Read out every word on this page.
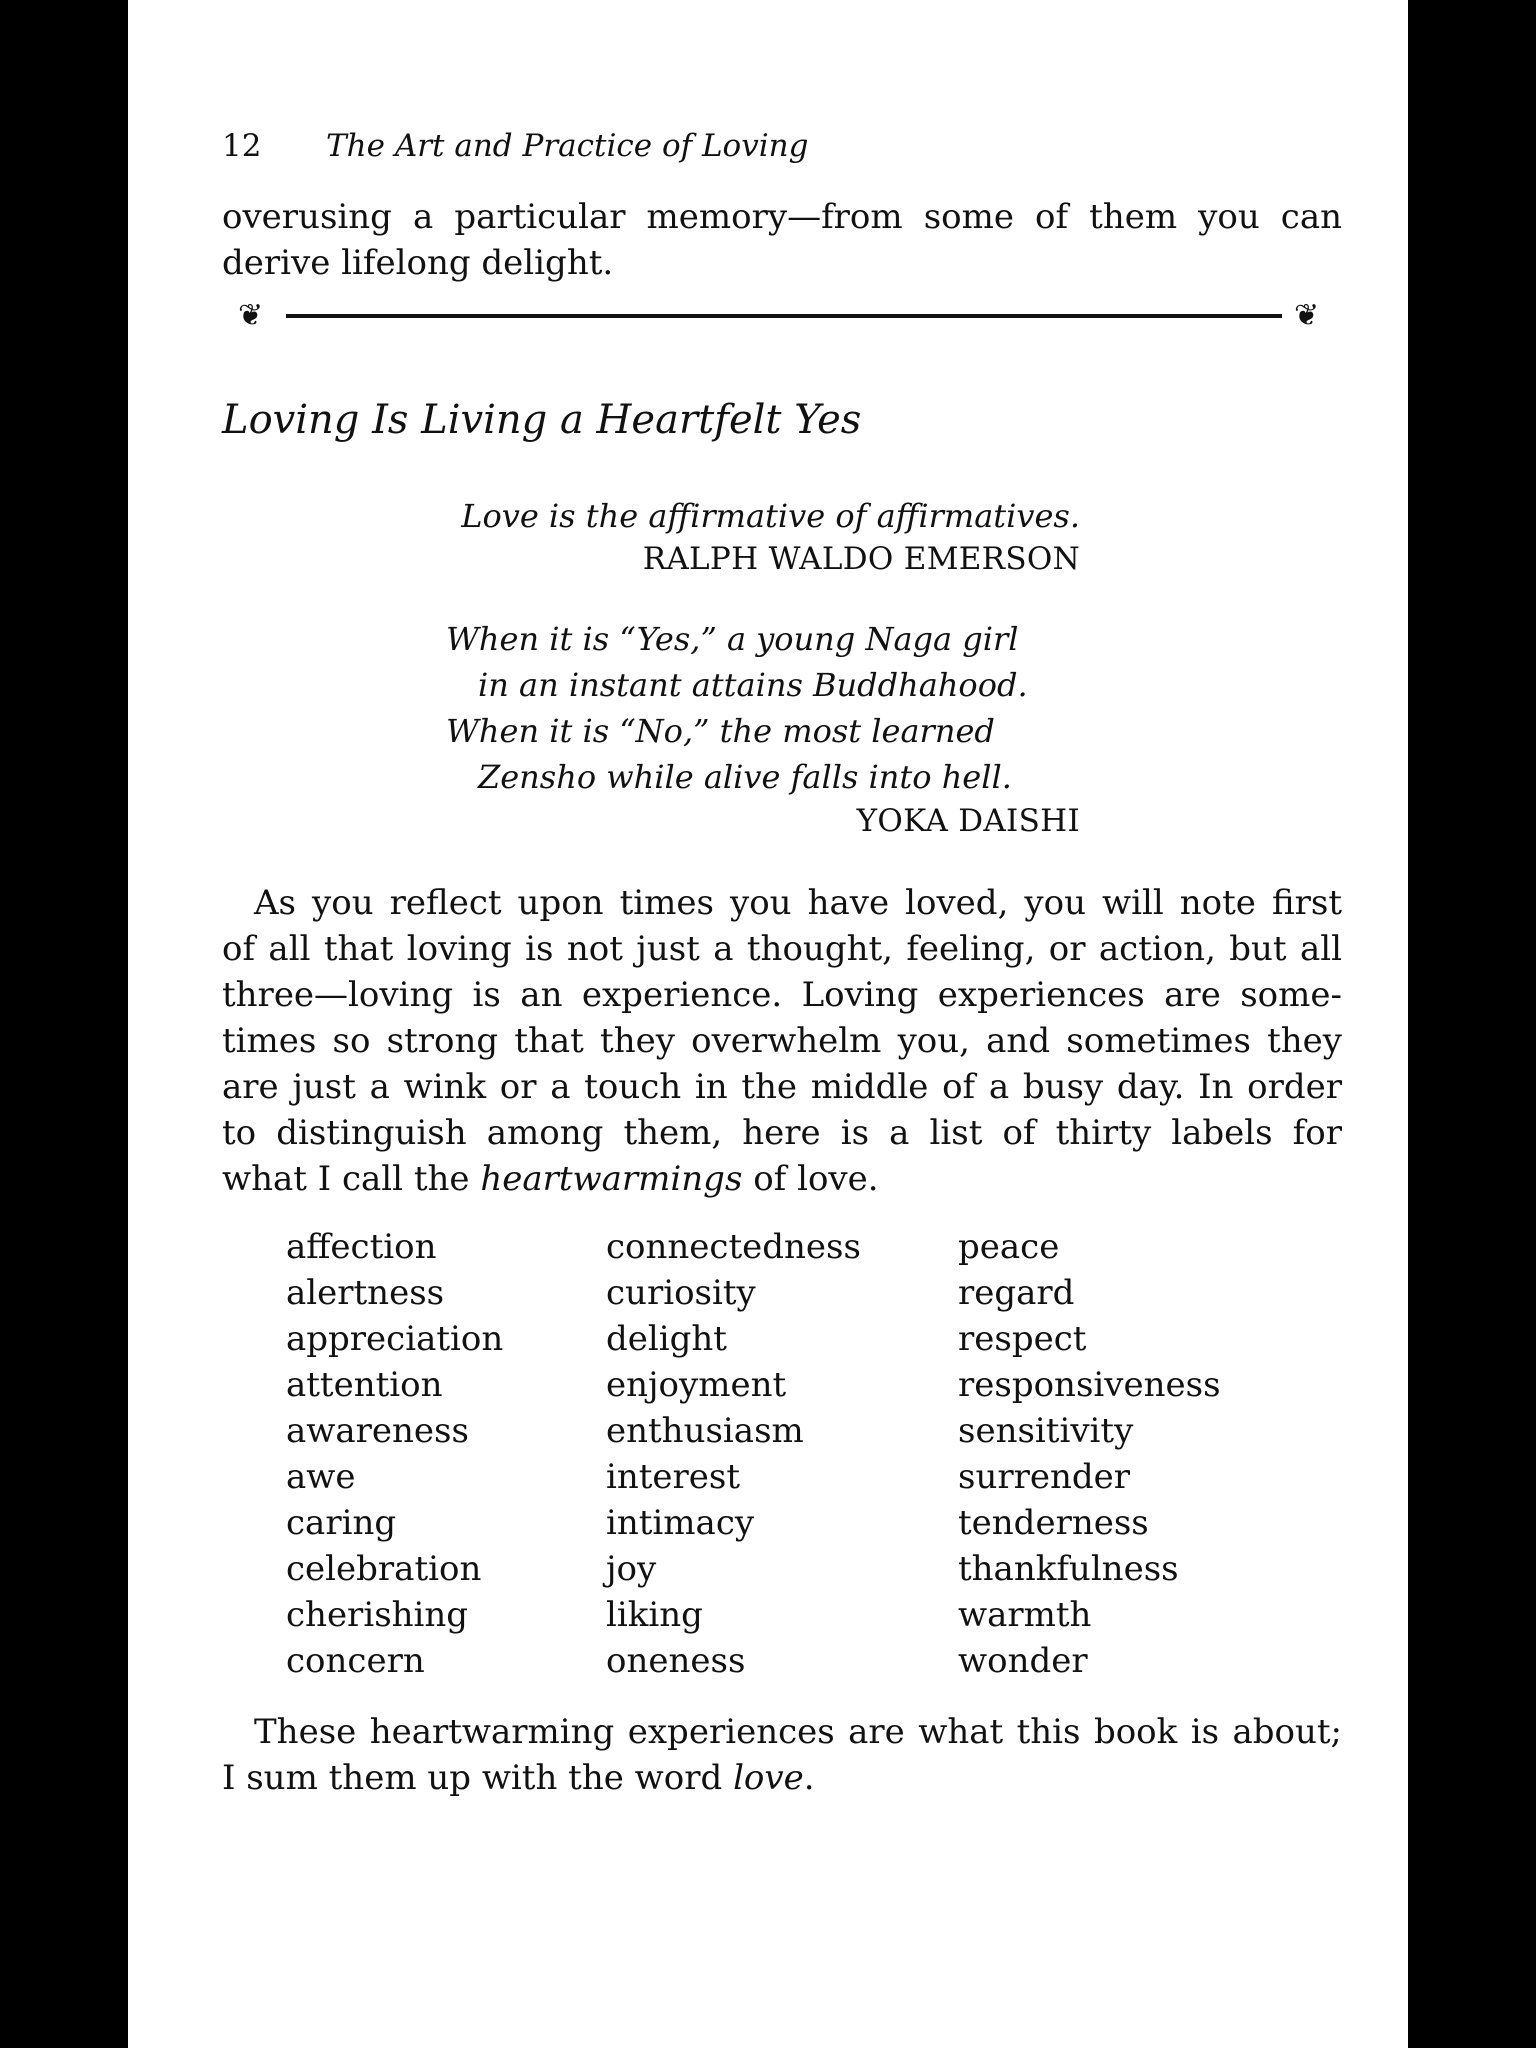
12 The Art and Practice of Loving
overusing a particular memory—from some of them you can
derive lifelong delight.
❦	❦
Loving Is Living a Heartfelt Yes
Love is the affirmative of affirmatives.
RALPH WALDO EMERSON
When it is “Yes,” a young Naga girl
in an instant attains Buddhahood.
When it is “No,” the most learned
Zensho while alive falls into hell.
YOKA DAISHI
As you reflect upon times you have loved, you will note first
of all that loving is not just a thought, feeling, or action, but all
three—loving is an experience. Loving experiences are some-
times so strong that they overwhelm you, and sometimes they
are just a wink or a touch in the middle of a busy day. In order
to distinguish among them, here is a list of thirty labels for
what I call the heartwarmings of love.
affection
alertness
appreciation
attention
awareness
awe
caring
celebration
cherishing
concern
connectedness
curiosity
delight
enjoyment
enthusiasm
interest
intimacy
joy
liking
oneness
peace
regard
respect
responsiveness
sensitivity
surrender
tenderness
thankfulness
warmth
wonder
These heartwarming experiences are what this book is about;
I sum them up with the word love.
